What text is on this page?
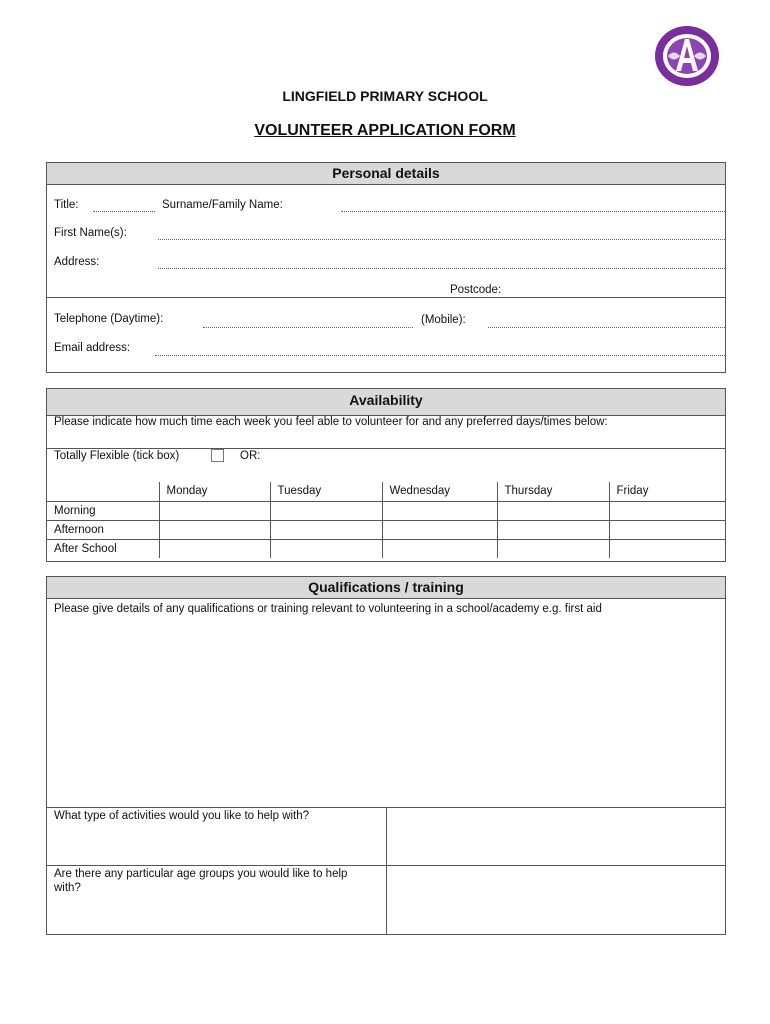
LINGFIELD PRIMARY SCHOOL
VOLUNTEER APPLICATION FORM
Personal details
Title:	Surname/Family Name:
First Name(s):
Address:
Postcode:
Telephone (Daytime):	(Mobile):
Email address:
Availability
Please indicate how much time each week you feel able to volunteer for and any preferred days/times below:
Totally Flexible (tick box)	OR:
	Monday	Tuesday	Wednesday	Thursday	Friday
Morning					
Afternoon					
After School					
Qualifications / training
Please give details of any qualifications or training relevant to volunteering in a school/academy e.g. first aid
What type of activities would you like to help with?
Are there any particular age groups you would like to help with?
